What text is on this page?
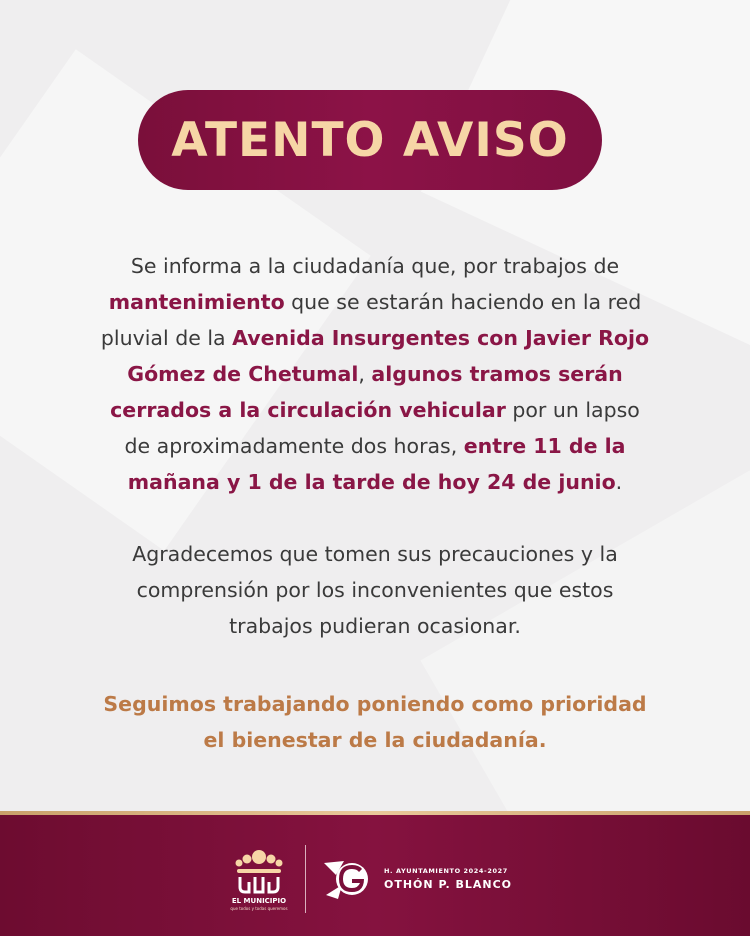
ATENTO AVISO

Se informa a la ciudadanía que, por trabajos de mantenimiento que se estarán haciendo en la red pluvial de la Avenida Insurgentes con Javier Rojo Gómez de Chetumal, algunos tramos serán cerrados a la circulación vehicular por un lapso de aproximadamente dos horas, entre 11 de la mañana y 1 de la tarde de hoy 24 de junio.

Agradecemos que tomen sus precauciones y la comprensión por los inconvenientes que estos trabajos pudieran ocasionar.

Seguimos trabajando poniendo como prioridad el bienestar de la ciudadanía.
EL MUNICIPIO
que todos y todas queremos
H. AYUNTAMIENTO 2024-2027
OTHÓN P. BLANCO
